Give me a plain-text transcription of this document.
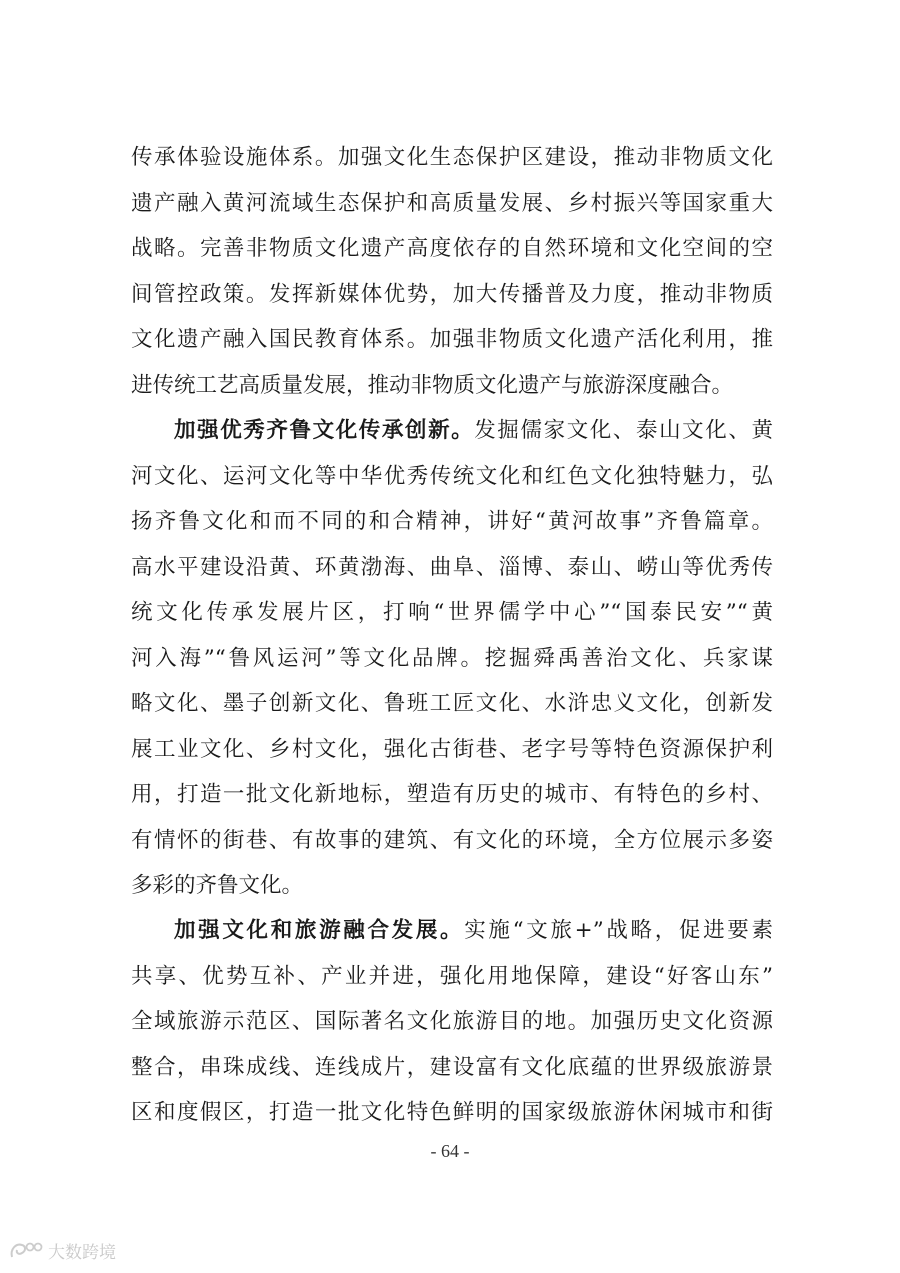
传承体验设施体系。加强文化生态保护区建设，推动非物质文化
遗产融入黄河流域生态保护和高质量发展、乡村振兴等国家重大
战略。完善非物质文化遗产高度依存的自然环境和文化空间的空
间管控政策。发挥新媒体优势，加大传播普及力度，推动非物质
文化遗产融入国民教育体系。加强非物质文化遗产活化利用，推
进传统工艺高质量发展，推动非物质文化遗产与旅游深度融合。
加强优秀齐鲁文化传承创新。发掘儒家文化、泰山文化、黄
河文化、运河文化等中华优秀传统文化和红色文化独特魅力，弘
扬齐鲁文化和而不同的和合精神，讲好“黄河故事”齐鲁篇章。
高水平建设沿黄、环黄渤海、曲阜、淄博、泰山、崂山等优秀传
统文化传承发展片区，打响“世界儒学中心”“国泰民安”“黄
河入海”“鲁风运河”等文化品牌。挖掘舜禹善治文化、兵家谋
略文化、墨子创新文化、鲁班工匠文化、水浒忠义文化，创新发
展工业文化、乡村文化，强化古街巷、老字号等特色资源保护利
用，打造一批文化新地标，塑造有历史的城市、有特色的乡村、
有情怀的街巷、有故事的建筑、有文化的环境，全方位展示多姿
多彩的齐鲁文化。
加强文化和旅游融合发展。实施“文旅+”战略，促进要素
共享、优势互补、产业并进，强化用地保障，建设“好客山东”
全域旅游示范区、国际著名文化旅游目的地。加强历史文化资源
整合，串珠成线、连线成片，建设富有文化底蕴的世界级旅游景
区和度假区，打造一批文化特色鲜明的国家级旅游休闲城市和街
- 64 -
大数跨境
